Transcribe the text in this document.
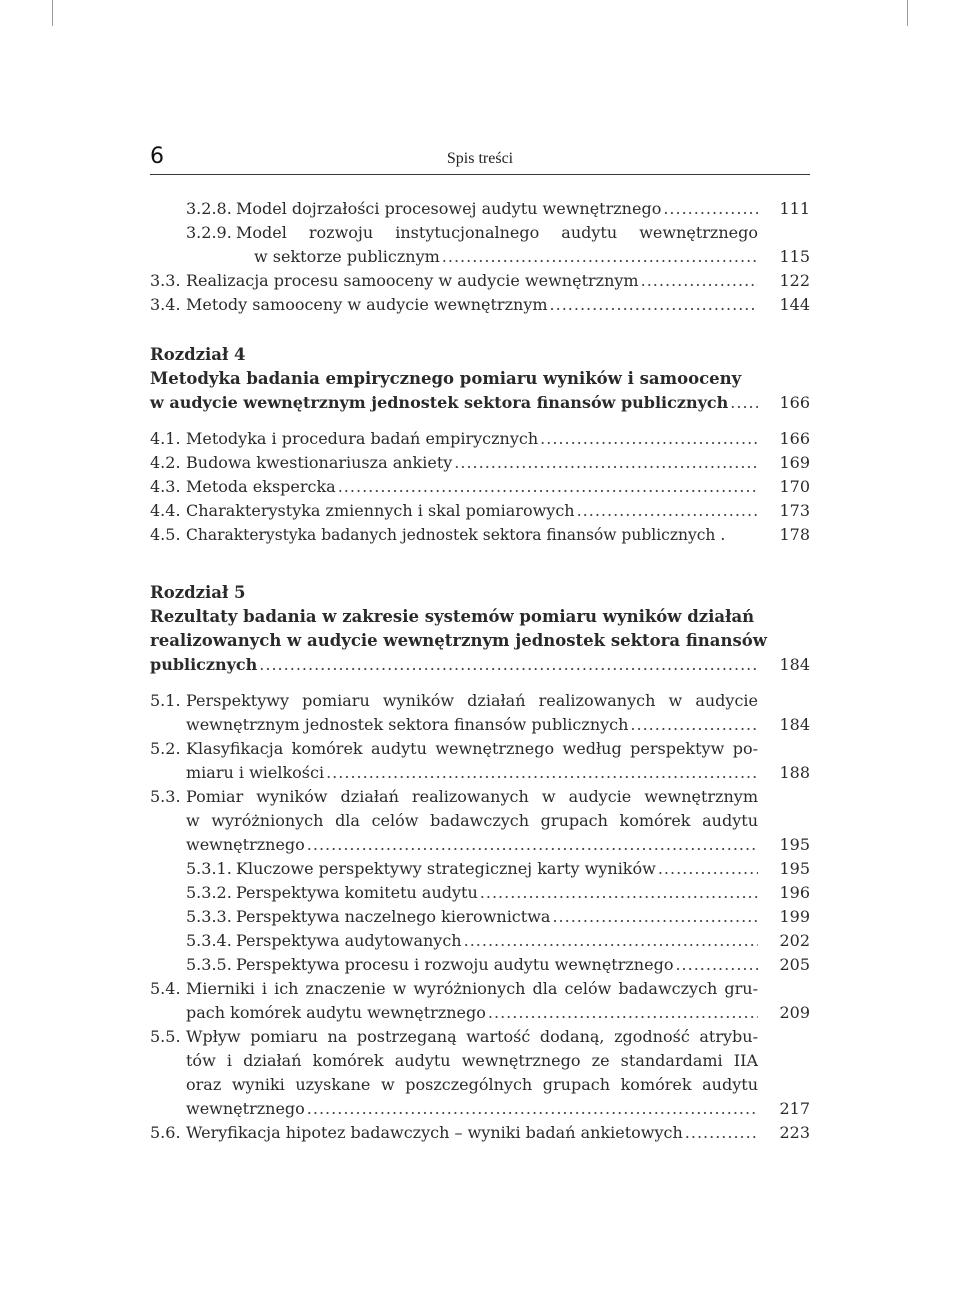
6	Spis treści
3.2.8. Model dojrzałości procesowej audytu wewnętrznego .....	111
3.2.9. Model rozwoju instytucjonalnego audytu wewnętrznego
w sektorze publicznym .....	115
3.3. Realizacja procesu samooceny w audycie wewnętrznym .....	122
3.4. Metody samooceny w audycie wewnętrznym .....	144
Rozdział 4
Metodyka badania empirycznego pomiaru wyników i samooceny
w audycie wewnętrznym jednostek sektora finansów publicznych .....	166
4.1. Metodyka i procedura badań empirycznych .....	166
4.2. Budowa kwestionariusza ankiety .....	169
4.3. Metoda ekspercka .....	170
4.4. Charakterystyka zmiennych i skal pomiarowych .....	173
4.5. Charakterystyka badanych jednostek sektora finansów publicznych .	178
Rozdział 5
Rezultaty badania w zakresie systemów pomiaru wyników działań
realizowanych w audycie wewnętrznym jednostek sektora finansów
publicznych .....	184
5.1. Perspektywy pomiaru wyników działań realizowanych w audycie
wewnętrznym jednostek sektora finansów publicznych .....	184
5.2. Klasyfikacja komórek audytu wewnętrznego według perspektyw po-
miaru i wielkości .....	188
5.3. Pomiar wyników działań realizowanych w audycie wewnętrznym
w wyróżnionych dla celów badawczych grupach komórek audytu
wewnętrznego .....	195
5.3.1. Kluczowe perspektywy strategicznej karty wyników .....	195
5.3.2. Perspektywa komitetu audytu .....	196
5.3.3. Perspektywa naczelnego kierownictwa .....	199
5.3.4. Perspektywa audytowanych .....	202
5.3.5. Perspektywa procesu i rozwoju audytu wewnętrznego .....	205
5.4. Mierniki i ich znaczenie w wyróżnionych dla celów badawczych gru-
pach komórek audytu wewnętrznego .....	209
5.5. Wpływ pomiaru na postrzeganą wartość dodaną, zgodność atrybu-
tów i działań komórek audytu wewnętrznego ze standardami IIA
oraz wyniki uzyskane w poszczególnych grupach komórek audytu
wewnętrznego .....	217
5.6. Weryfikacja hipotez badawczych – wyniki badań ankietowych .....	223
